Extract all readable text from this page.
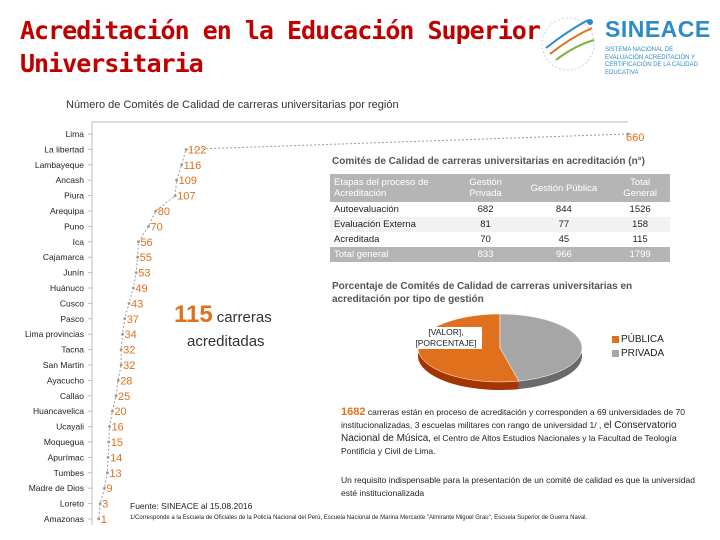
Acreditación en la Educación Superior Universitaria
SINEACE
SISTEMA NACIONAL DE EVALUACIÓN ACREDITACIÓN Y CERTIFICACIÓN DE LA CALIDAD EDUCATIVA
Número de Comités de Calidad de carreras universitarias por región
Lima	660
La libertad	122
Lambayeque	116
Ancash	109
Piura	107
Arequipa	80
Puno	70
Ica	56
Cajamarca	55
Junín	53
Huánuco	49
Cusco	43
Pasco	37
Lima provincias	34
Tacna	32
San Martin	32
Ayacucho	28
Callao	25
Huancavelica	20
Ucayali	16
Moquegua 15
Apurímac 14
Tumbes 13
Madre de Dios 9
Loreto 3
Amazonas 1
Comités de Calidad de carreras universitarias en acreditación (n°)
Etapas del proceso de Acreditación	Gestión Privada	Gestión Pública	Total General
Autoevaluación	682	844	1526
Evaluación Externa	81	77	158
Acreditada	70	45	115
Total general	833	966	1799
Porcentaje de Comités de Calidad de carreras universitarias en acreditación por tipo de gestión
[VALOR], [PORCENTAJE]	PÚBLICA
PRIVADA
115 carreras
acreditadas
1682 carreras están en proceso de acreditación y corresponden a 69 universidades de 70 institucionalizadas, 3 escuelas militares con rango de universidad 1/ , el Conservatorio Nacional de Música, el Centro de Altos Estudios Nacionales y la Facultad de Teología Pontificia y Civil de Lima.
Un requisito indispensable para la presentación de un comité de calidad es que la universidad esté institucionalizada
Fuente: SINEACE al 15.08.2016
1/Corresponde a la Escuela de Oficiales de la Policía Nacional del Perú, Escuela Nacional de Marina Mercante "Almirante Miguel Grau", Escuela Superior de Guerra Naval.
